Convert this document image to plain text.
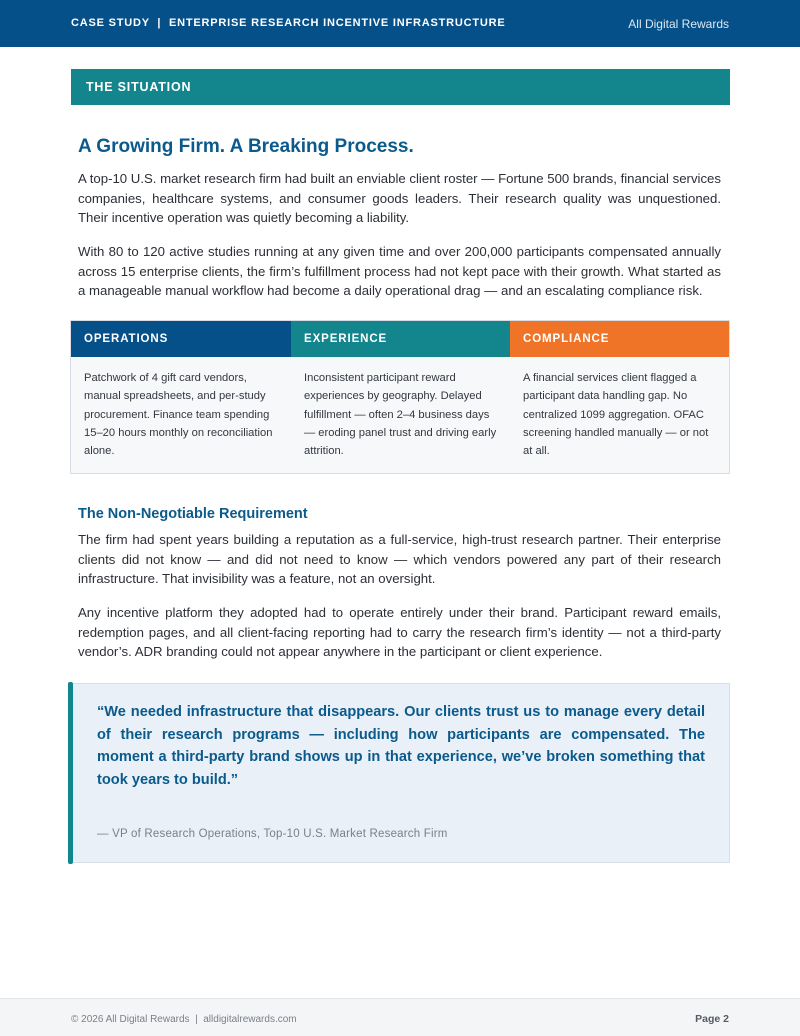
CASE STUDY  |  ENTERPRISE RESEARCH INCENTIVE INFRASTRUCTURE	All Digital Rewards
THE SITUATION
A Growing Firm. A Breaking Process.

A top-10 U.S. market research firm had built an enviable client roster — Fortune 500 brands, financial services companies, healthcare systems, and consumer goods leaders. Their research quality was unquestioned. Their incentive operation was quietly becoming a liability.

With 80 to 120 active studies running at any given time and over 200,000 participants compensated annually across 15 enterprise clients, the firm’s fulfillment process had not kept pace with their growth. What started as a manageable manual workflow had become a daily operational drag — and an escalating compliance risk.

OPERATIONS
Patchwork of 4 gift card vendors, manual spreadsheets, and per-study procurement. Finance team spending 15–20 hours monthly on reconciliation alone.
EXPERIENCE
Inconsistent participant reward experiences by geography. Delayed fulfillment — often 2–4 business days — eroding panel trust and driving early attrition.
COMPLIANCE
A financial services client flagged a participant data handling gap. No centralized 1099 aggregation. OFAC screening handled manually — or not at all.
The Non-Negotiable Requirement

The firm had spent years building a reputation as a full-service, high-trust research partner. Their enterprise clients did not know — and did not need to know — which vendors powered any part of their research infrastructure. That invisibility was a feature, not an oversight.

Any incentive platform they adopted had to operate entirely under their brand. Participant reward emails, redemption pages, and all client-facing reporting had to carry the research firm’s identity — not a third-party vendor’s. ADR branding could not appear anywhere in the participant or client experience.

“We needed infrastructure that disappears. Our clients trust us to manage every detail of their research programs — including how participants are compensated. The moment a third-party brand shows up in that experience, we’ve broken something that took years to build.”

— VP of Research Operations, Top-10 U.S. Market Research Firm

© 2026 All Digital Rewards  |  alldigitalrewards.com	Page 2
